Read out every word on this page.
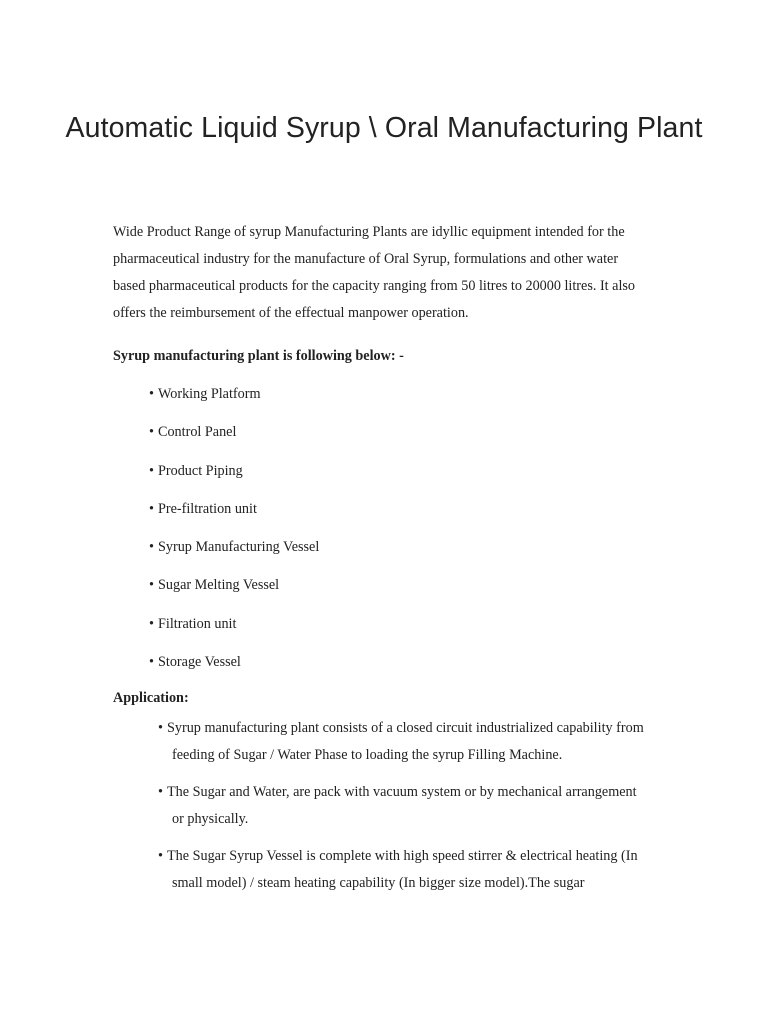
Automatic Liquid Syrup \ Oral Manufacturing Plant

Wide Product Range of syrup Manufacturing Plants are idyllic equipment intended for the pharmaceutical industry for the manufacture of Oral Syrup, formulations and other water based pharmaceutical products for the capacity ranging from 50 litres to 20000 litres. It also offers the reimbursement of the effectual manpower operation.

Syrup manufacturing plant is following below: -

• Working Platform
• Control Panel
• Product Piping
• Pre-filtration unit
• Syrup Manufacturing Vessel
• Sugar Melting Vessel
• Filtration unit
• Storage Vessel

Application:

• Syrup manufacturing plant consists of a closed circuit industrialized capability from feeding of Sugar / Water Phase to loading the syrup Filling Machine.
• The Sugar and Water, are pack with vacuum system or by mechanical arrangement or physically.
• The Sugar Syrup Vessel is complete with high speed stirrer & electrical heating (In small model) / steam heating capability (In bigger size model).The sugar
